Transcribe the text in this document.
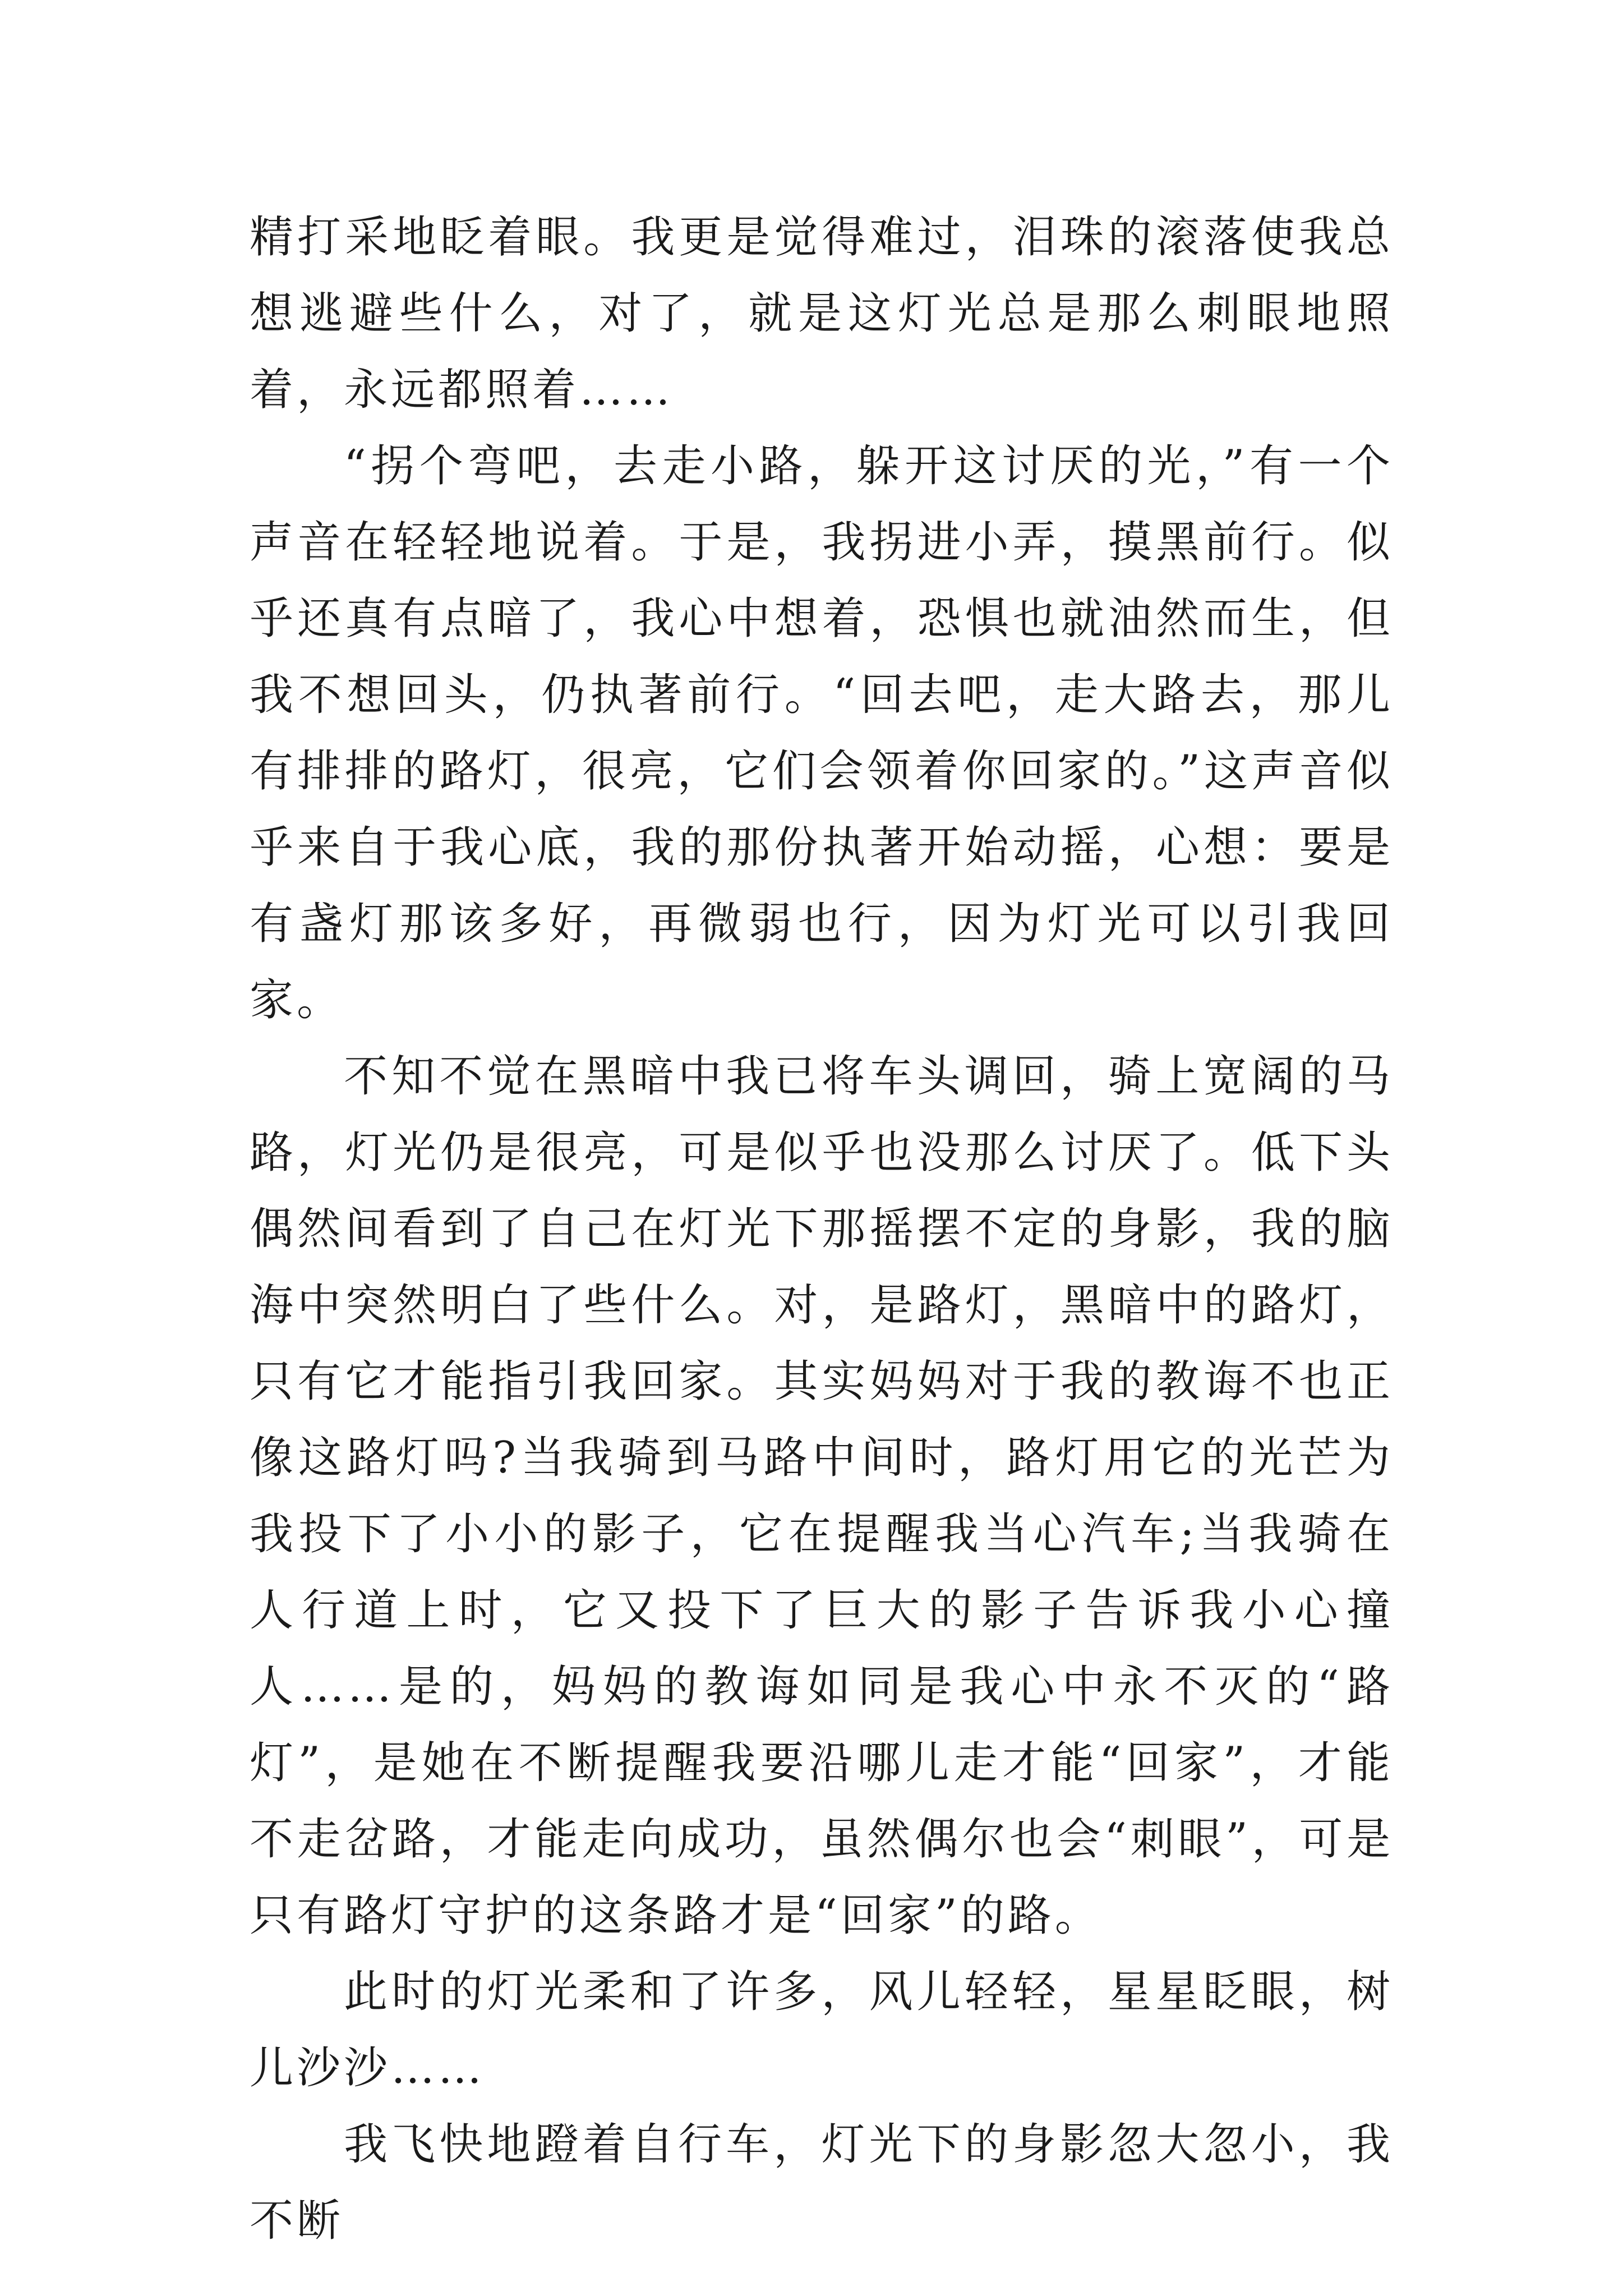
精打采地眨着眼。我更是觉得难过，泪珠的滚落使我总想逃避些什么，对了，就是这灯光总是那么刺眼地照着，永远都照着……

“拐个弯吧，去走小路，躲开这讨厌的光，”有一个声音在轻轻地说着。于是，我拐进小弄，摸黑前行。似乎还真有点暗了，我心中想着，恐惧也就油然而生，但我不想回头，仍执著前行。“回去吧，走大路去，那儿有排排的路灯，很亮，它们会领着你回家的。”这声音似乎来自于我心底，我的那份执著开始动摇，心想：要是有盏灯那该多好，再微弱也行，因为灯光可以引我回家。

不知不觉在黑暗中我已将车头调回，骑上宽阔的马路，灯光仍是很亮，可是似乎也没那么讨厌了。低下头偶然间看到了自己在灯光下那摇摆不定的身影，我的脑海中突然明白了些什么。对，是路灯，黑暗中的路灯，只有它才能指引我回家。其实妈妈对于我的教诲不也正像这路灯吗?当我骑到马路中间时，路灯用它的光芒为我投下了小小的影子，它在提醒我当心汽车;当我骑在人行道上时，它又投下了巨大的影子告诉我小心撞人……是的，妈妈的教诲如同是我心中永不灭的“路灯”，是她在不断提醒我要沿哪儿走才能“回家”，才能不走岔路，才能走向成功，虽然偶尔也会“刺眼”，可是只有路灯守护的这条路才是“回家”的路。

此时的灯光柔和了许多，风儿轻轻，星星眨眼，树儿沙沙……

我飞快地蹬着自行车，灯光下的身影忽大忽小，我不断
